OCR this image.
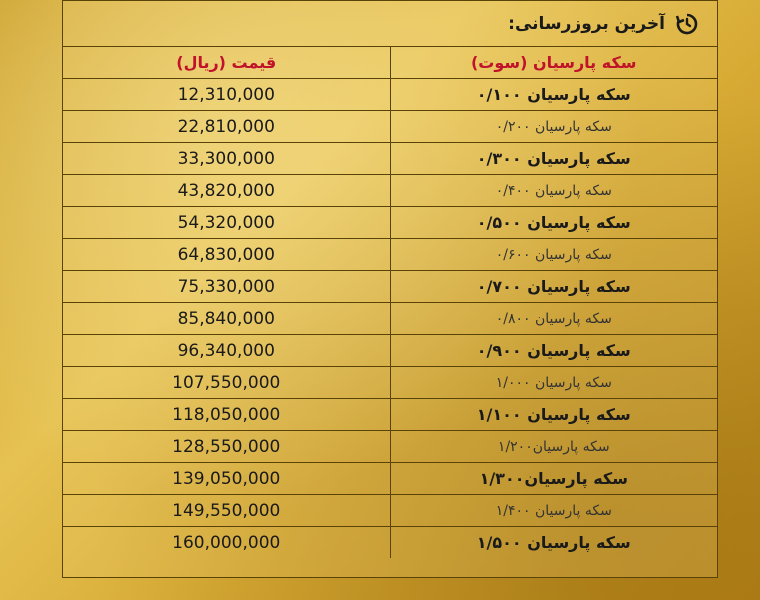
آخرین بروزرسانی:
قیمت (ریال)	سکه پارسیان (سوت)
12,310,000	سکه پارسیان ۰/۱۰۰
22,810,000	سکه پارسیان ۰/۲۰۰
33,300,000	سکه پارسیان ۰/۳۰۰
43,820,000	سکه پارسیان ۰/۴۰۰
54,320,000	سکه پارسیان ۰/۵۰۰
64,830,000	سکه پارسیان ۰/۶۰۰
75,330,000	سکه پارسیان ۰/۷۰۰
85,840,000	سکه پارسیان ۰/۸۰۰
96,340,000	سکه پارسیان ۰/۹۰۰
107,550,000	سکه پارسیان ۱/۰۰۰
118,050,000	سکه پارسیان ۱/۱۰۰
128,550,000	سکه پارسیان۱/۲۰۰
139,050,000	سکه پارسیان۱/۳۰۰
149,550,000	سکه پارسیان ۱/۴۰۰
160,000,000	سکه پارسیان ۱/۵۰۰
